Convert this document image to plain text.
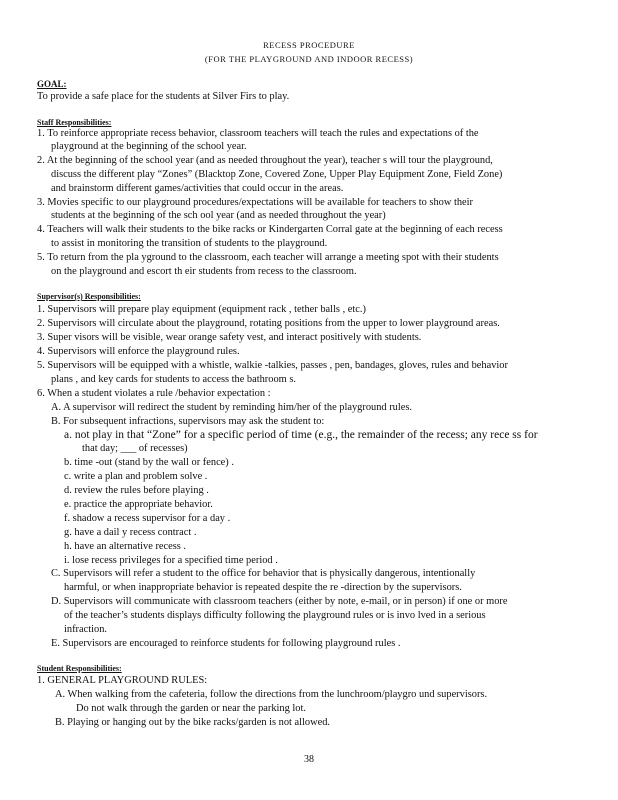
RECESS PROCEDURE
(FOR THE PLAYGROUND AND INDOOR RECESS)
GOAL:
To provide a safe place for the students at Silver Firs to play.
Staff Responsibilities:
1. To reinforce appropriate recess behavior, classroom teachers will teach the rules and expectations of the
playground at the beginning of the school year.
2. At the beginning of the school year (and as needed throughout the year), teacher s will tour the playground,
discuss the different play “Zones” (Blacktop Zone, Covered Zone, Upper Play Equipment Zone, Field Zone)
and brainstorm different games/activities that could occur in the areas.
3. Movies specific to our playground procedures/expectations will be available for teachers to show their
students at the beginning of the sch ool year (and as needed throughout the year)
4. Teachers will walk their students to the bike racks or Kindergarten Corral gate at the beginning of each recess
to assist in monitoring the transition of students to the playground.
5. To return from the pla yground to the classroom, each teacher will arrange a meeting spot with their students
on the playground and escort th eir students from recess to the classroom.
Supervisor(s) Responsibilities:
1. Supervisors will prepare play equipment (equipment rack , tether balls , etc.)
2. Supervisors will circulate about the playground, rotating positions from the upper to lower playground areas.
3. Super visors will be visible, wear orange safety vest, and interact positively with students.
4. Supervisors will enforce the playground rules.
5. Supervisors will be equipped with a whistle, walkie -talkies, passes , pen, bandages, gloves, rules and behavior
plans , and key cards for students to access the bathroom s.
6. When a student violates a rule /behavior expectation :
A. A supervisor will redirect the student by reminding him/her of the playground rules.
B. For subsequent infractions, supervisors may ask the student to:
a. not play in that “Zone” for a specific period of time (e.g., the remainder of the recess; any rece ss for
that day; ___ of recesses)
b. time -out (stand by the wall or fence) .
c. write a plan and problem solve .
d. review the rules before playing .
e. practice the appropriate behavior.
f. shadow a recess supervisor for a day .
g. have a dail y recess contract .
h. have an alternative recess .
i. lose recess privileges for a specified time period .
C. Supervisors will refer a student to the office for behavior that is physically dangerous, intentionally
harmful, or when inappropriate behavior is repeated despite the re -direction by the supervisors.
D. Supervisors will communicate with classroom teachers (either by note, e-mail, or in person) if one or more
of the teacher’s students displays difficulty following the playground rules or is invo lved in a serious
infraction.
E. Supervisors are encouraged to reinforce students for following playground rules .
Student Responsibilities:
1. GENERAL PLAYGROUND RULES:
A. When walking from the cafeteria, follow the directions from the lunchroom/playgro und supervisors.
Do not walk through the garden or near the parking lot.
B. Playing or hanging out by the bike racks/garden is not allowed.
38
